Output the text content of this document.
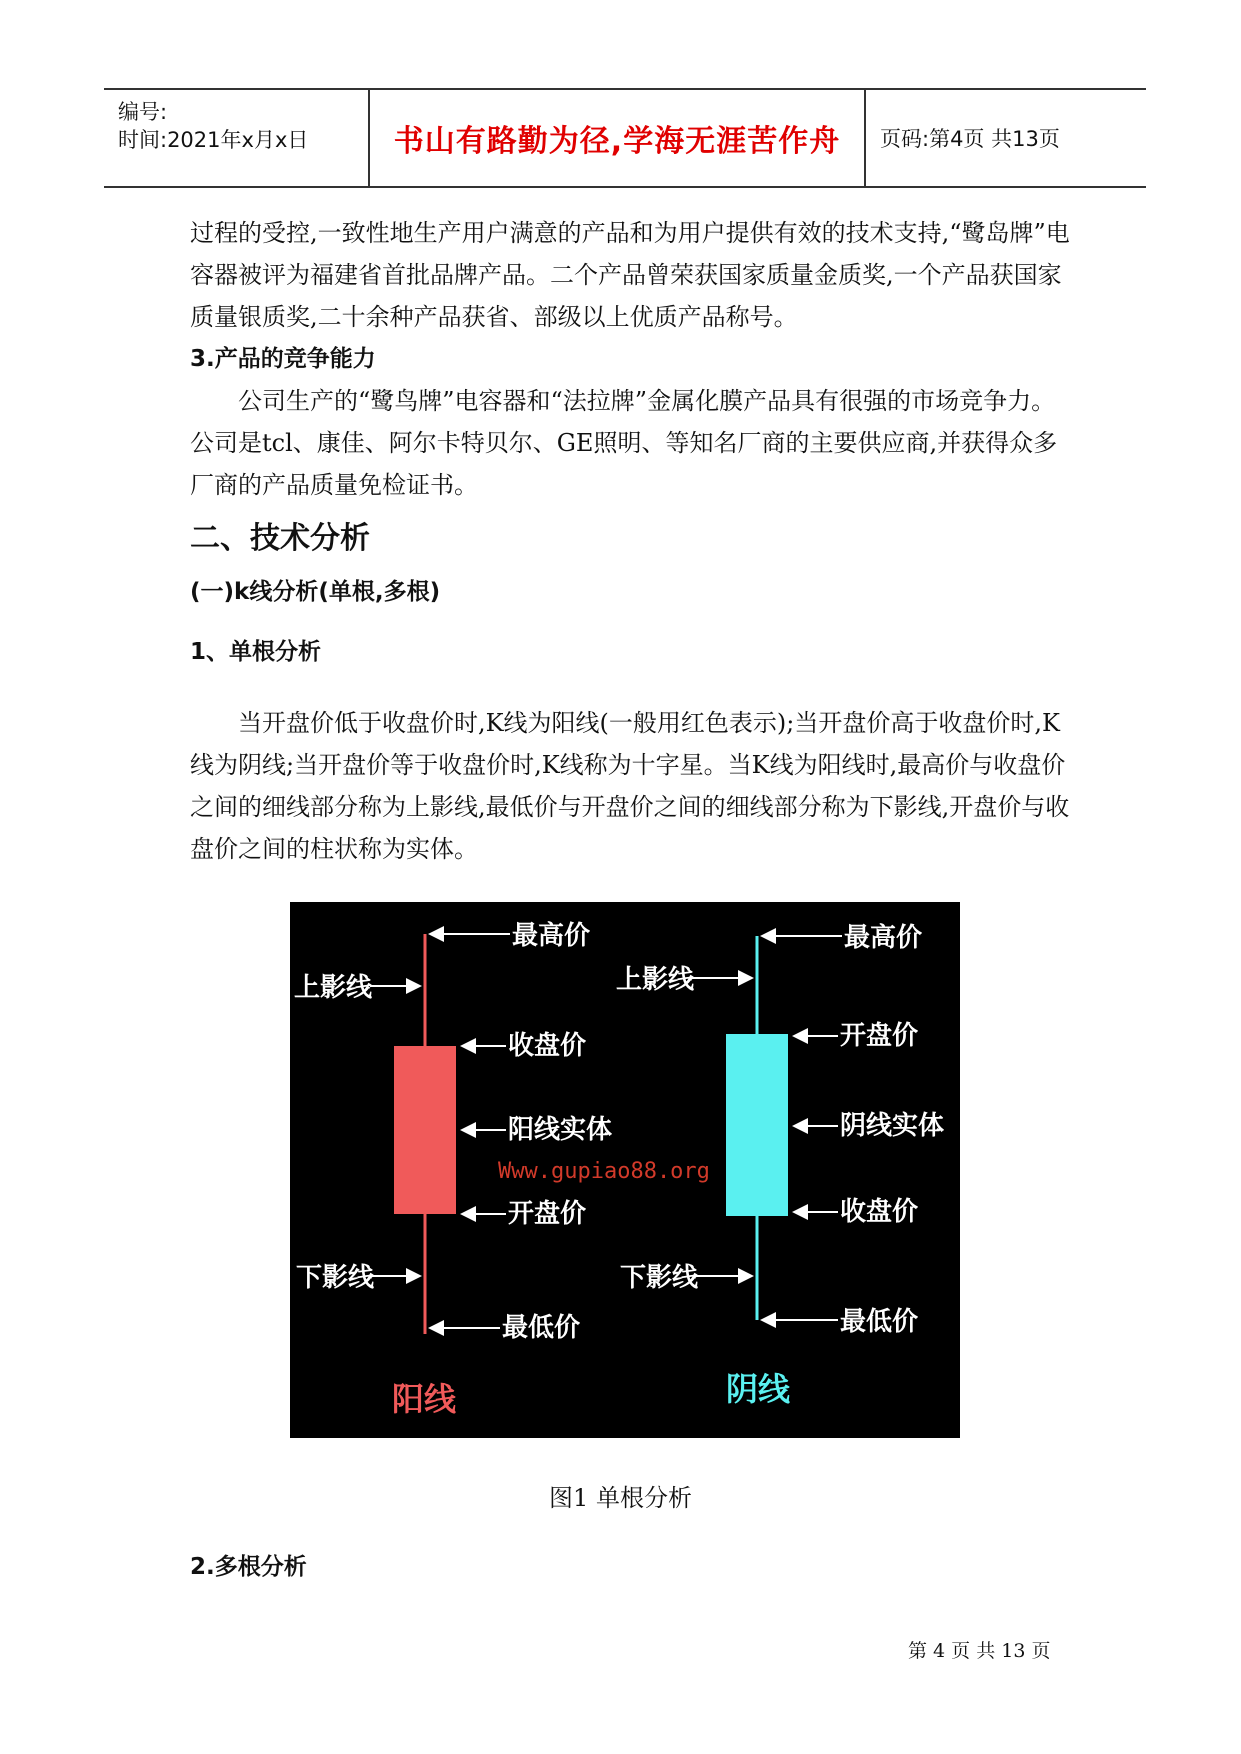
编号:
时间:2021年x月x日	书山有路勤为径,学海无涯苦作舟 页码:第4页 共13页

过程的受控,一致性地生产用户满意的产品和为用户提供有效的技术支持,“鹭岛牌”电容器被评为福建省首批品牌产品。二个产品曾荣获国家质量金质奖,一个产品获国家质量银质奖,二十余种产品获省、部级以上优质产品称号。

3.产品的竞争能力

公司生产的“鹭鸟牌”电容器和“法拉牌”金属化膜产品具有很强的市场竞争力。公司是tcl、康佳、阿尔卡特贝尔、GE照明、等知名厂商的主要供应商,并获得众多厂商的产品质量免检证书。

二、技术分析

(一)k线分析(单根,多根)

1、单根分析

当开盘价低于收盘价时,K线为阳线(一般用红色表示);当开盘价高于收盘价时,K线为阴线;当开盘价等于收盘价时,K线称为十字星。当K线为阳线时,最高价与收盘价之间的细线部分称为上影线,最低价与开盘价之间的细线部分称为下影线,开盘价与收盘价之间的柱状称为实体。

最高价
上影线
收盘价
阳线实体
开盘价
下影线
最低价
阳线
最高价
上影线
开盘价
阴线实体
收盘价
下影线
最低价
阴线
Www.gupiao88.org
图1 单根分析
2.多根分析
第 4 页 共 13 页
